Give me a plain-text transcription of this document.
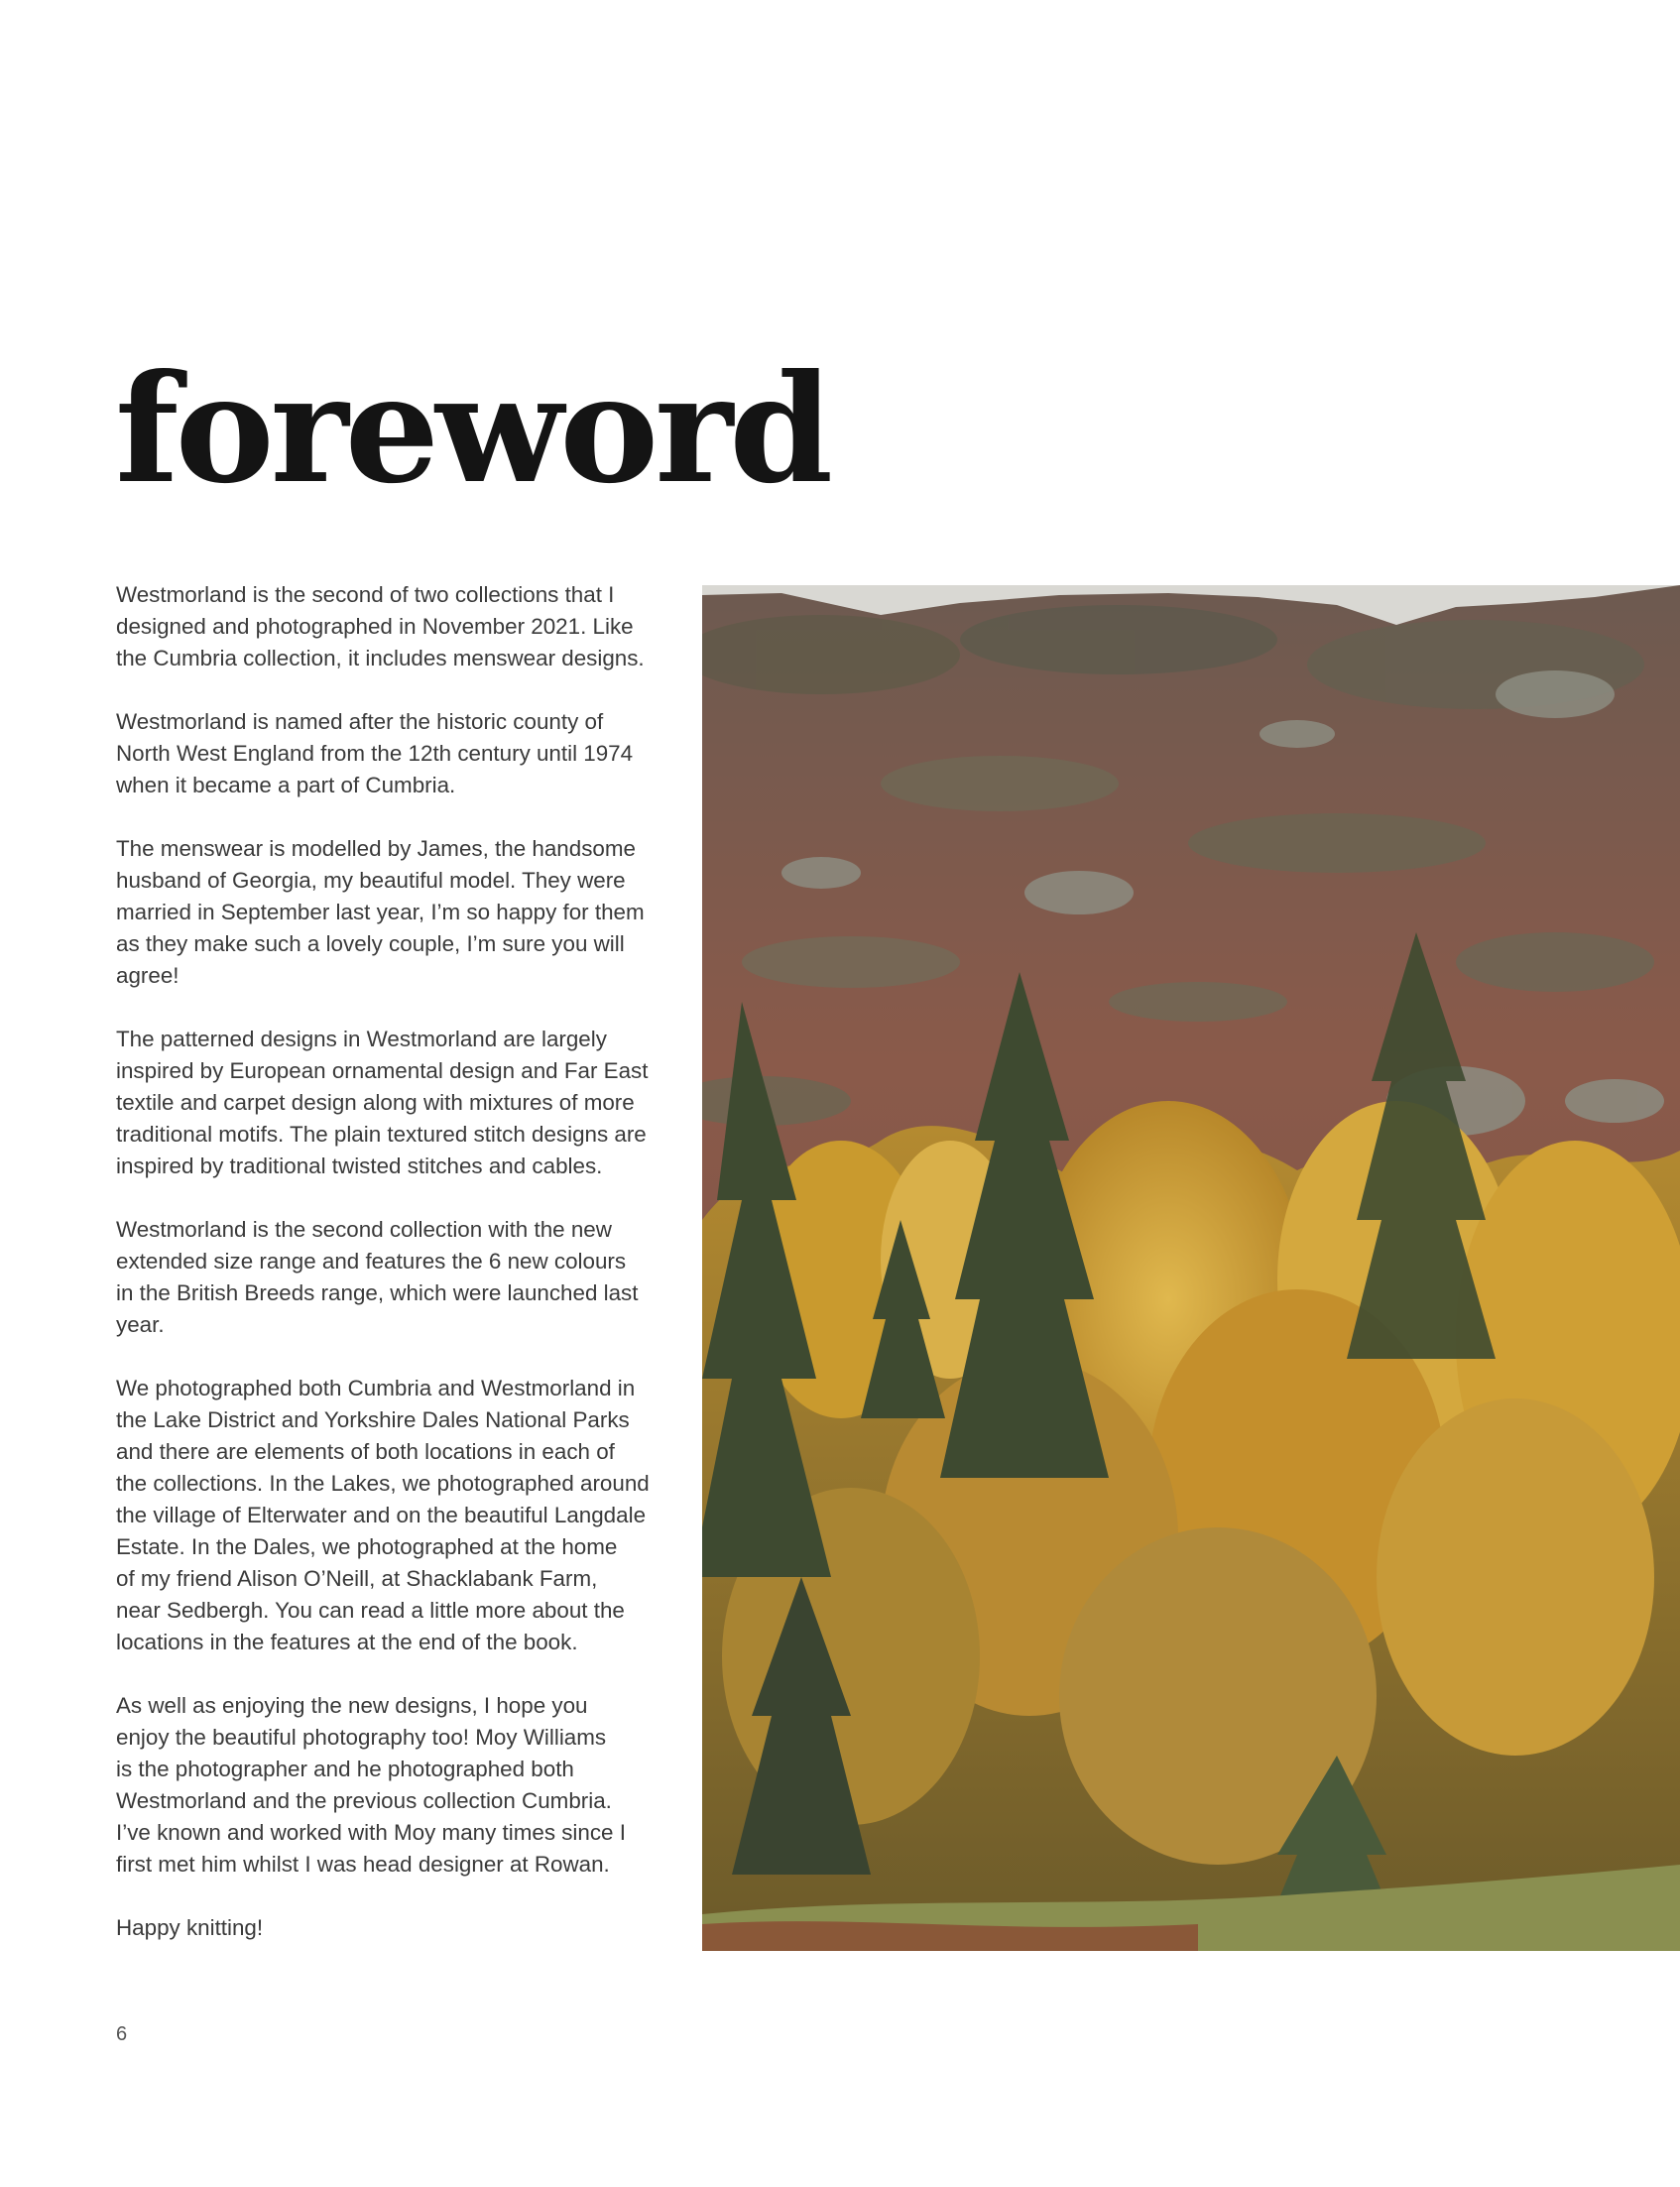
foreword

Westmorland is the second of two collections that I
designed and photographed in November 2021. Like
the Cumbria collection, it includes menswear designs.

Westmorland is named after the historic county of
North West England from the 12th century until 1974
when it became a part of Cumbria.

The menswear is modelled by James, the handsome
husband of Georgia, my beautiful model. They were
married in September last year, I’m so happy for them
as they make such a lovely couple, I’m sure you will
agree!

The patterned designs in Westmorland are largely
inspired by European ornamental design and Far East
textile and carpet design along with mixtures of more
traditional motifs. The plain textured stitch designs are
inspired by traditional twisted stitches and cables.

Westmorland is the second collection with the new
extended size range and features the 6 new colours
in the British Breeds range, which were launched last
year.

We photographed both Cumbria and Westmorland in
the Lake District and Yorkshire Dales National Parks
and there are elements of both locations in each of
the collections. In the Lakes, we photographed around
the village of Elterwater and on the beautiful Langdale
Estate. In the Dales, we photographed at the home
of my friend Alison O’Neill, at Shacklabank Farm,
near Sedbergh. You can read a little more about the
locations in the features at the end of the book.

As well as enjoying the new designs, I hope you
enjoy the beautiful photography too! Moy Williams
is the photographer and he photographed both
Westmorland and the previous collection Cumbria.
I’ve known and worked with Moy many times since I
first met him whilst I was head designer at Rowan.

Happy knitting!

6
